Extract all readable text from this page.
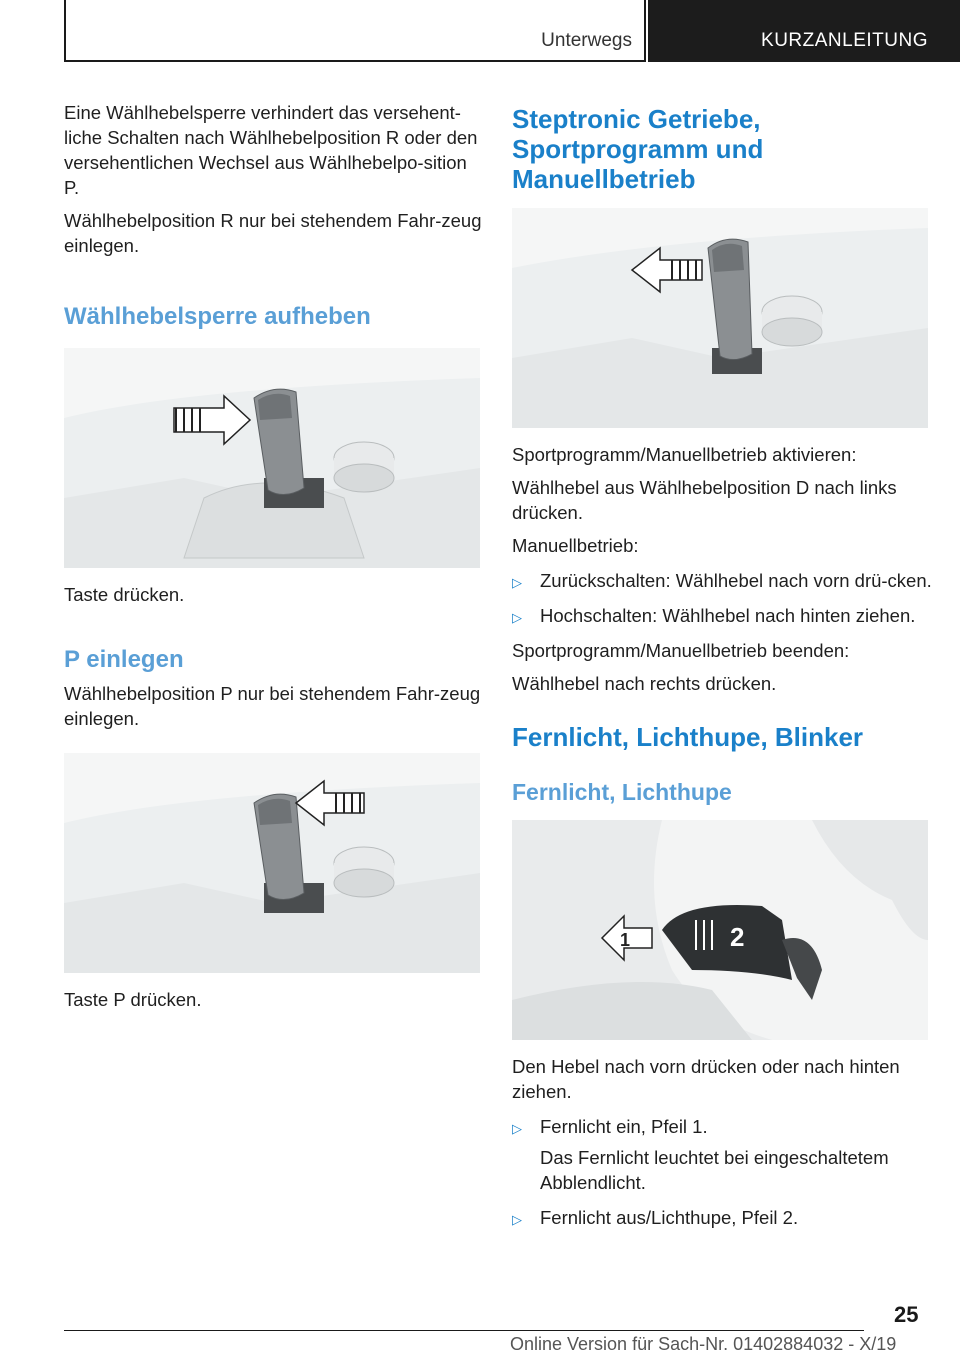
Unterwegs	KURZANLEITUNG

Eine Wählhebelsperre verhindert das versehent-liche Schalten nach Wählhebelposition R oder den versehentlichen Wechsel aus Wählhebelpo-sition P.

Wählhebelposition R nur bei stehendem Fahr-zeug einlegen.

Wählhebelsperre aufheben

Taste drücken.

P einlegen

Wählhebelposition P nur bei stehendem Fahr-zeug einlegen.

Taste P drücken.

Steptronic Getriebe, Sportprogramm und Manuellbetrieb

Sportprogramm/Manuellbetrieb aktivieren:

Wählhebel aus Wählhebelposition D nach links drücken.

Manuellbetrieb:

▷ Zurückschalten: Wählhebel nach vorn drü-cken.
▷ Hochschalten: Wählhebel nach hinten ziehen.

Sportprogramm/Manuellbetrieb beenden:

Wählhebel nach rechts drücken.

Fernlicht, Lichthupe, Blinker
Fernlicht, Lichthupe
2
1

Den Hebel nach vorn drücken oder nach hinten ziehen.

▷ Fernlicht ein, Pfeil 1.
Das Fernlicht leuchtet bei eingeschaltetem Abblendlicht.
▷ Fernlicht aus/Lichthupe, Pfeil 2.
25
Online Version für Sach-Nr. 01402884032 - X/19
